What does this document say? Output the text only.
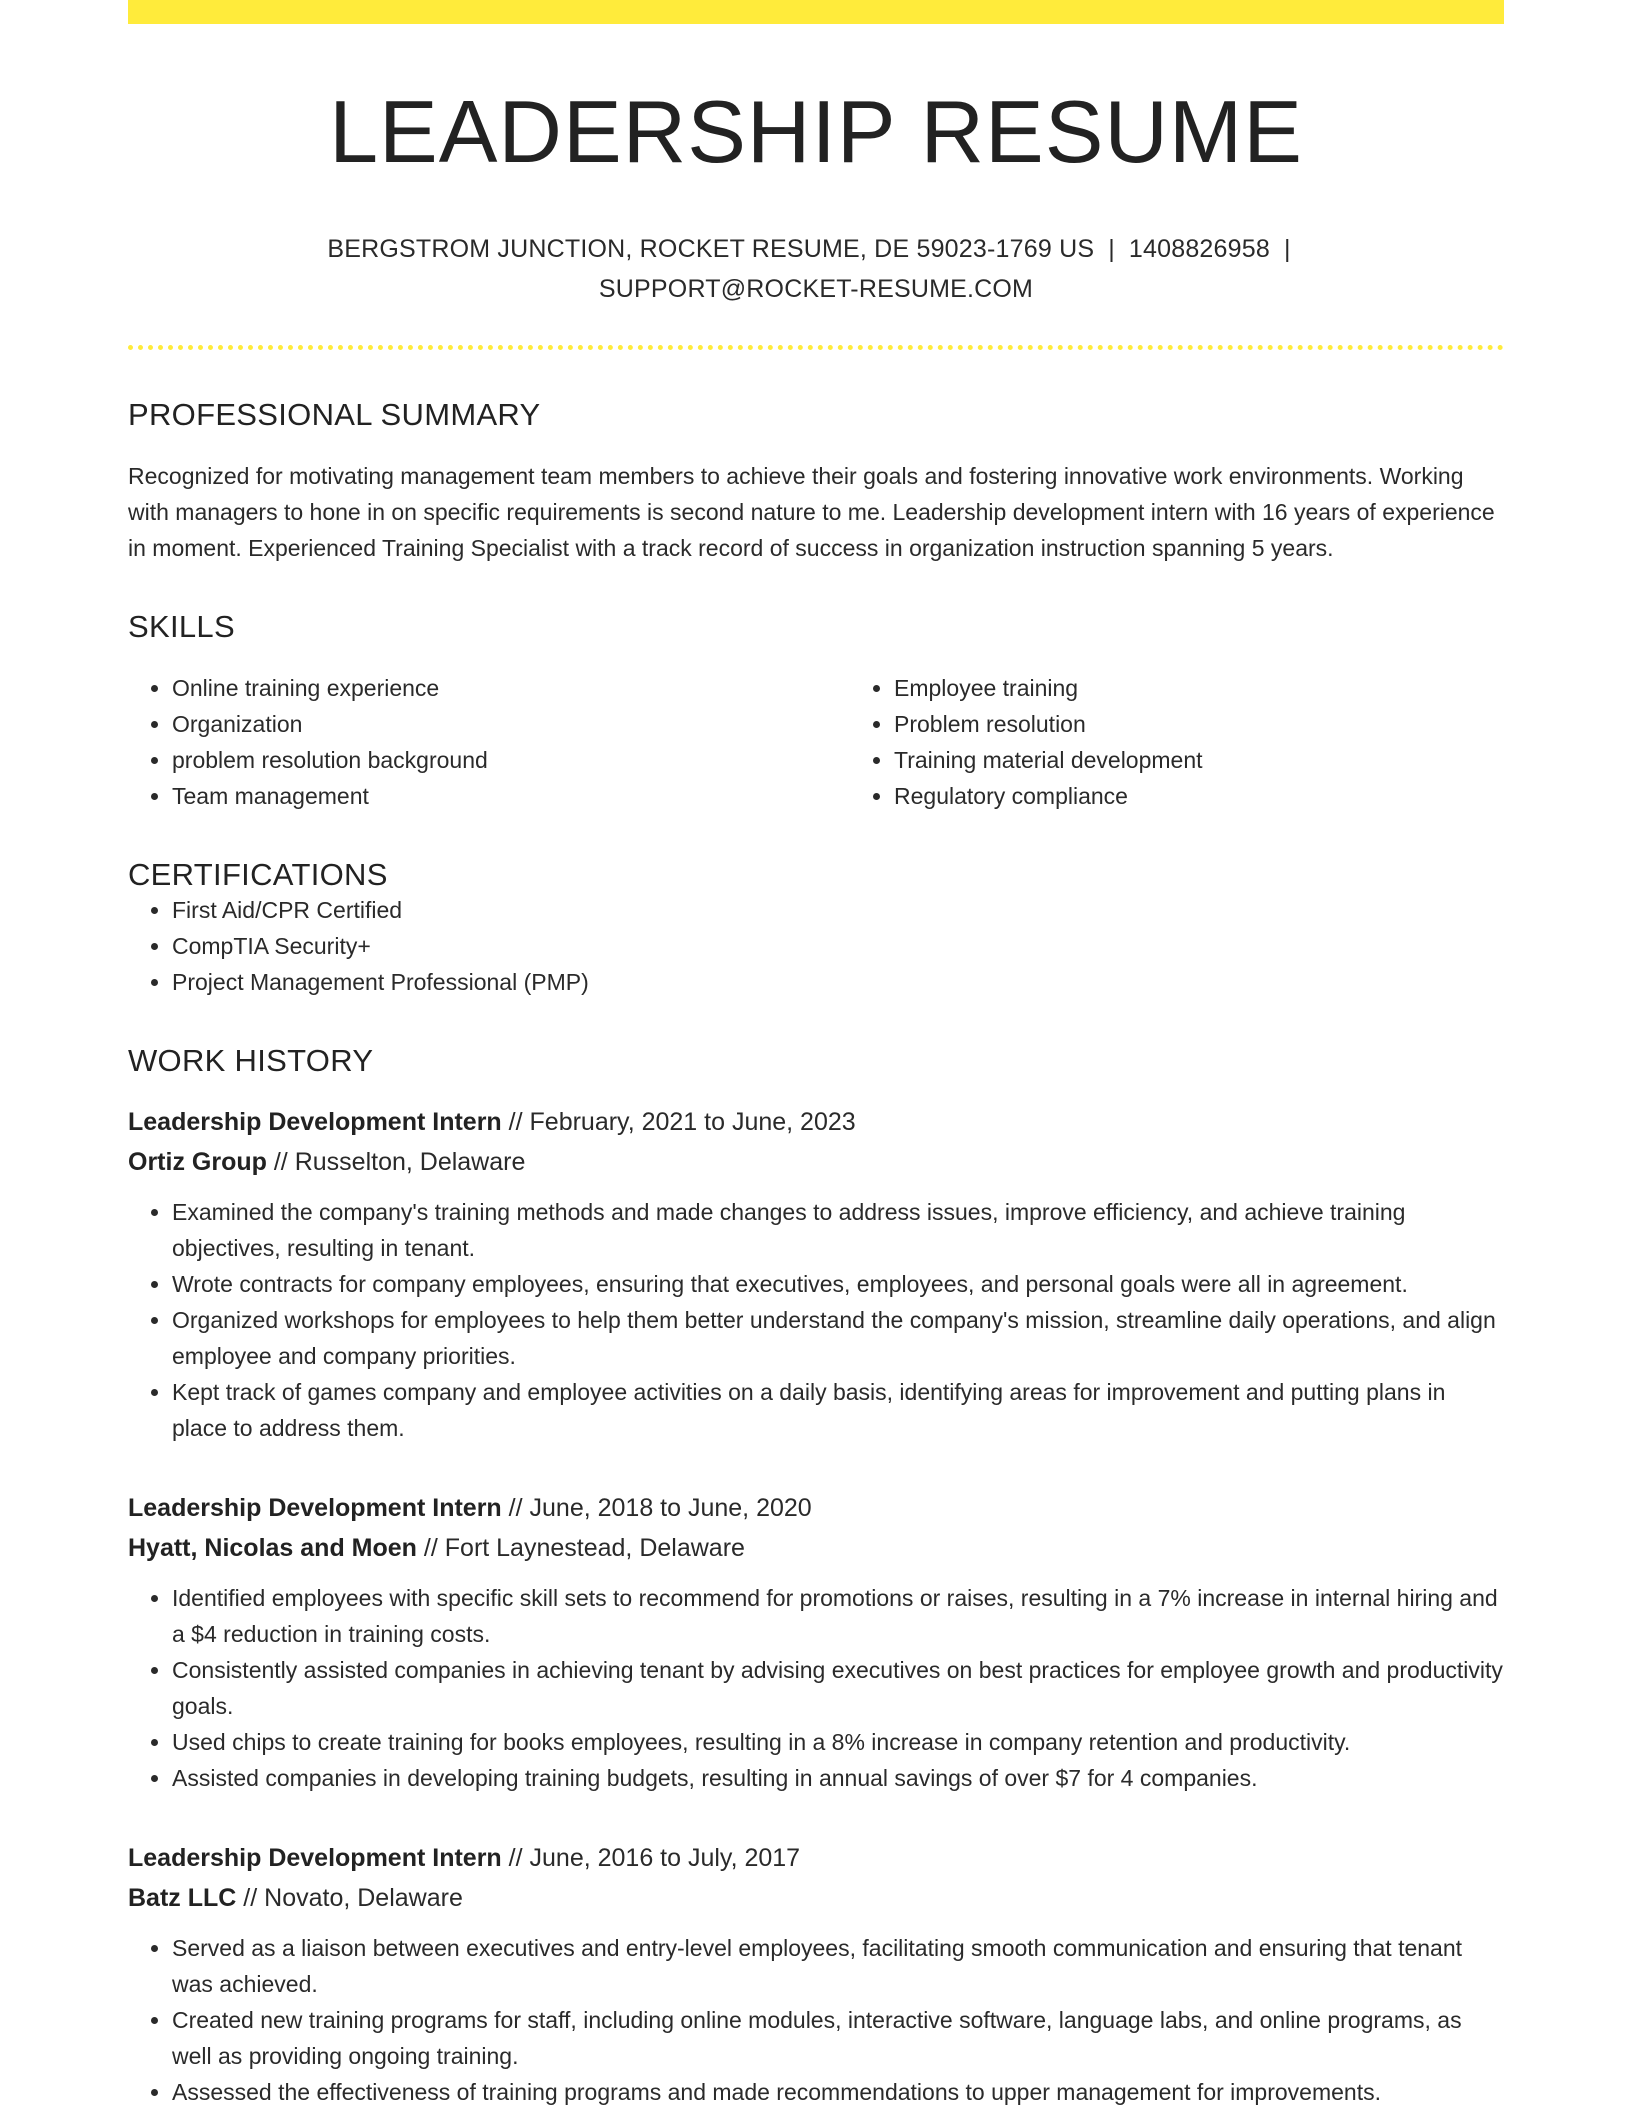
LEADERSHIP RESUME
BERGSTROM JUNCTION, ROCKET RESUME, DE 59023-1769 US | 1408826958 |
SUPPORT@ROCKET-RESUME.COM
PROFESSIONAL SUMMARY

Recognized for motivating management team members to achieve their goals and fostering innovative work environments. Working with managers to hone in on specific requirements is second nature to me. Leadership development intern with 16 years of experience in moment. Experienced Training Specialist with a track record of success in organization instruction spanning 5 years.

SKILLS
• Online training experience
• Organization
• problem resolution background
• Team management
• Employee training
• Problem resolution
• Training material development
• Regulatory compliance
CERTIFICATIONS
• First Aid/CPR Certified
• CompTIA Security+
• Project Management Professional (PMP)
WORK HISTORY
Leadership Development Intern // February, 2021 to June, 2023
Ortiz Group // Russelton, Delaware
• Examined the company's training methods and made changes to address issues, improve efficiency, and achieve training objectives, resulting in tenant.
• Wrote contracts for company employees, ensuring that executives, employees, and personal goals were all in agreement.
• Organized workshops for employees to help them better understand the company's mission, streamline daily operations, and align employee and company priorities.
• Kept track of games company and employee activities on a daily basis, identifying areas for improvement and putting plans in place to address them.
Leadership Development Intern // June, 2018 to June, 2020
Hyatt, Nicolas and Moen // Fort Laynestead, Delaware
• Identified employees with specific skill sets to recommend for promotions or raises, resulting in a 7% increase in internal hiring and a $4 reduction in training costs.
• Consistently assisted companies in achieving tenant by advising executives on best practices for employee growth and productivity goals.
• Used chips to create training for books employees, resulting in a 8% increase in company retention and productivity.
• Assisted companies in developing training budgets, resulting in annual savings of over $7 for 4 companies.
Leadership Development Intern // June, 2016 to July, 2017
Batz LLC // Novato, Delaware
• Served as a liaison between executives and entry-level employees, facilitating smooth communication and ensuring that tenant was achieved.
• Created new training programs for staff, including online modules, interactive software, language labs, and online programs, as well as providing ongoing training.
• Assessed the effectiveness of training programs and made recommendations to upper management for improvements.
